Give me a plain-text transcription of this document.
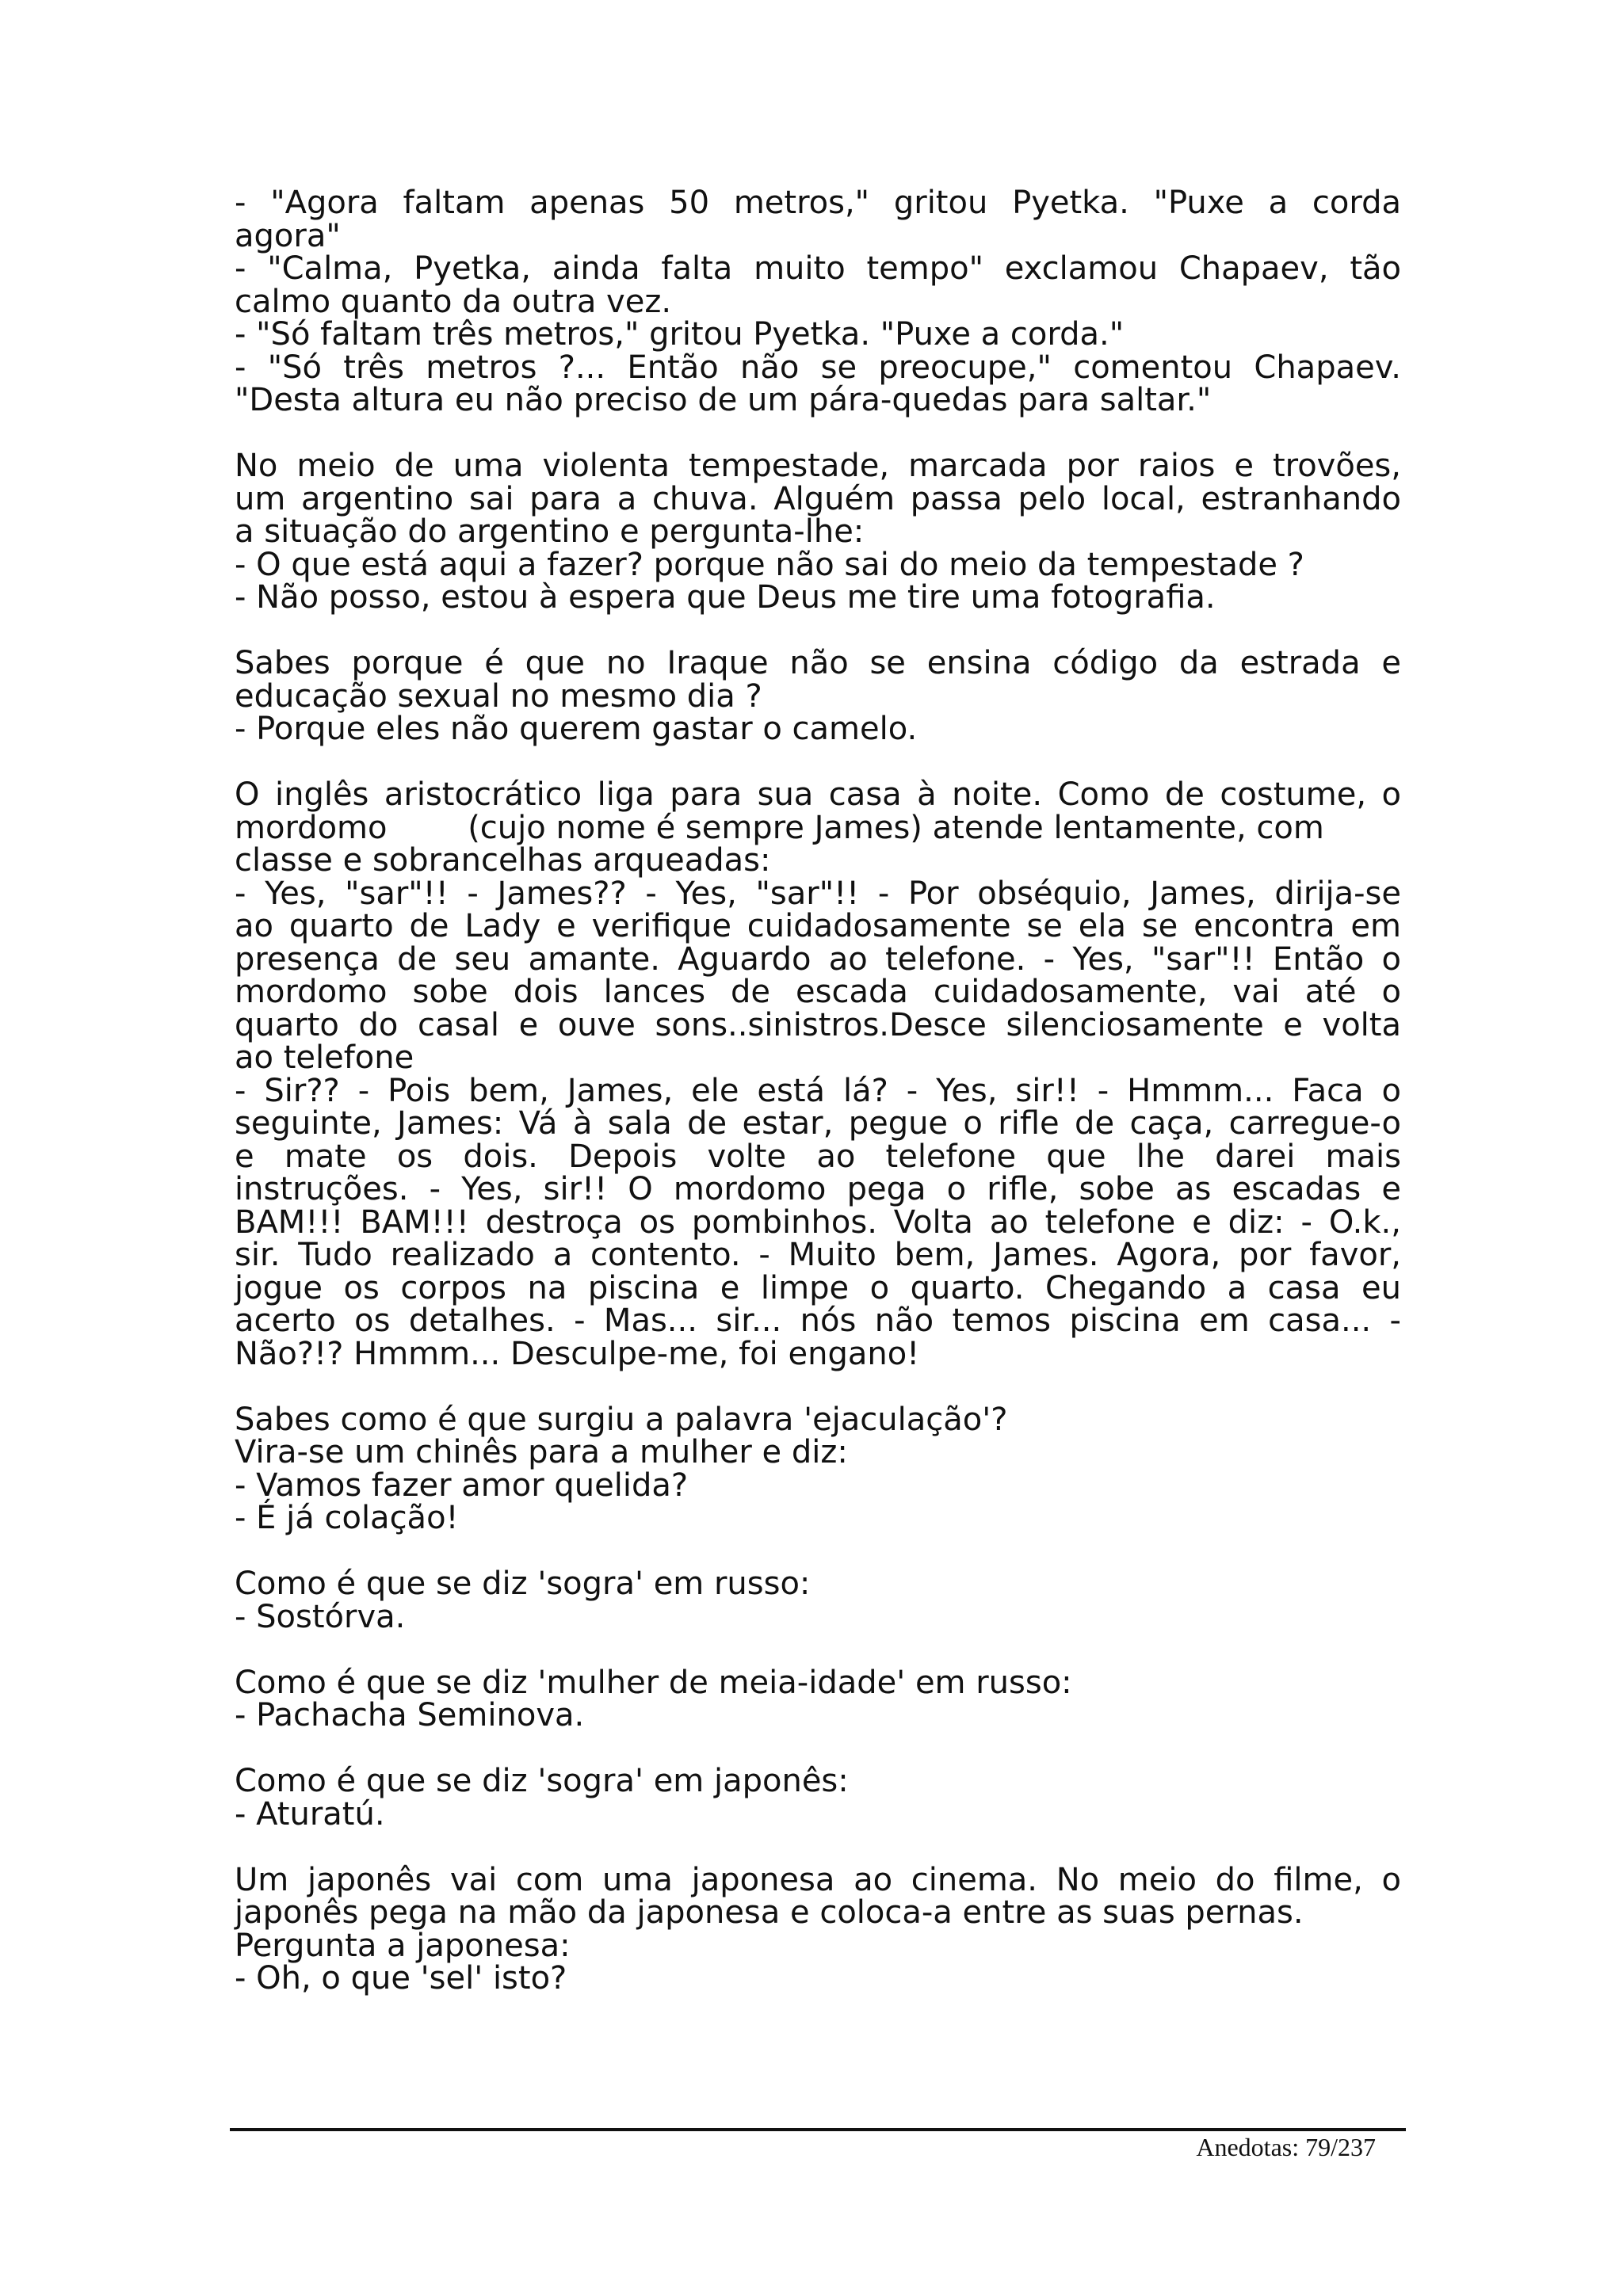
- "Agora faltam apenas 50 metros," gritou Pyetka. "Puxe a corda
agora"
- "Calma, Pyetka, ainda falta muito tempo" exclamou Chapaev, tão
calmo quanto da outra vez.
- "Só faltam três metros," gritou Pyetka. "Puxe a corda."
- "Só três metros ?... Então não se preocupe," comentou Chapaev.
"Desta altura eu não preciso de um pára-quedas para saltar."
No meio de uma violenta tempestade, marcada por raios e trovões,
um argentino sai para a chuva. Alguém passa pelo local, estranhando
a situação do argentino e pergunta-lhe:
- O que está aqui a fazer? porque não sai do meio da tempestade ?
- Não posso, estou à espera que Deus me tire uma fotografia.
Sabes porque é que no Iraque não se ensina código da estrada e
educação sexual no mesmo dia ?
- Porque eles não querem gastar o camelo.
O inglês aristocrático liga para sua casa à noite. Como de costume, o
mordomo        (cujo nome é sempre James) atende lentamente, com
classe e sobrancelhas arqueadas:
- Yes, "sar"!! - James?? - Yes, "sar"!! - Por obséquio, James, dirija-se
ao quarto de Lady e verifique cuidadosamente se ela se encontra em
presença de seu amante. Aguardo ao telefone. - Yes, "sar"!! Então o
mordomo sobe dois lances de escada cuidadosamente, vai até o
quarto do casal e ouve sons..sinistros.Desce silenciosamente e volta
ao telefone
- Sir?? - Pois bem, James, ele está lá? - Yes, sir!! - Hmmm... Faca o
seguinte, James: Vá à sala de estar, pegue o rifle de caça, carregue-o
e mate os dois. Depois volte ao telefone que lhe darei mais
instruções. - Yes, sir!! O mordomo pega o rifle, sobe as escadas e
BAM!!! BAM!!! destroça os pombinhos. Volta ao telefone e diz: - O.k.,
sir. Tudo realizado a contento. - Muito bem, James. Agora, por favor,
jogue os corpos na piscina e limpe o quarto. Chegando a casa eu
acerto os detalhes. - Mas... sir... nós não temos piscina em casa... -
Não?!? Hmmm... Desculpe-me, foi engano!
Sabes como é que surgiu a palavra 'ejaculação'?
Vira-se um chinês para a mulher e diz:
- Vamos fazer amor quelida?
- É já colação!
Como é que se diz 'sogra' em russo:
- Sostórva.
Como é que se diz 'mulher de meia-idade' em russo:
- Pachacha Seminova.
Como é que se diz 'sogra' em japonês:
- Aturatú.
Um japonês vai com uma japonesa ao cinema. No meio do filme, o
japonês pega na mão da japonesa e coloca-a entre as suas pernas.
Pergunta a japonesa:
- Oh, o que 'sel' isto?
Anedotas: 79/237
